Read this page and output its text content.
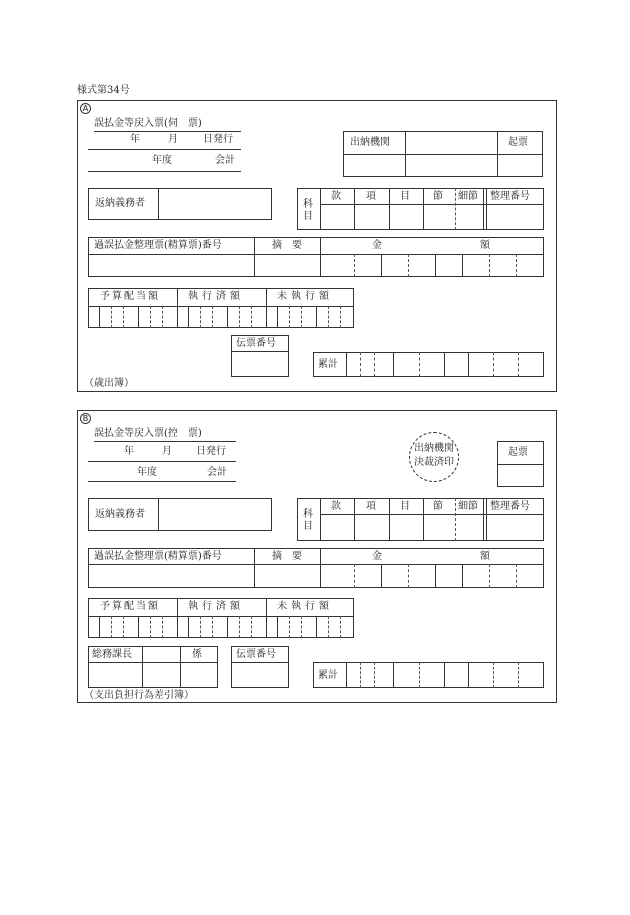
様式第34号
A
誤払金等戻入票(伺　票)
年	月	日発行
年度	会計
出納機関	起票
返納義務者	科目
款	項 目 節 細節 整理番号
過誤払金整理票(精算票)番号	摘　要	金	額
予算配当額	執行済額	未執行額
伝票番号
累計
（歳出簿）
B
誤払金等戻入票(控　票)
年	月 日発行
年度	会計
出納機関
決裁済印
起票
返納義務者	科目
款	項 目 節 細節 整理番号
過誤払金整理票(精算票)番号	摘　要	金	額
予算配当額	執行済額	未執行額
総務課長	係	伝票番号
累計
（支出負担行為差引簿）
